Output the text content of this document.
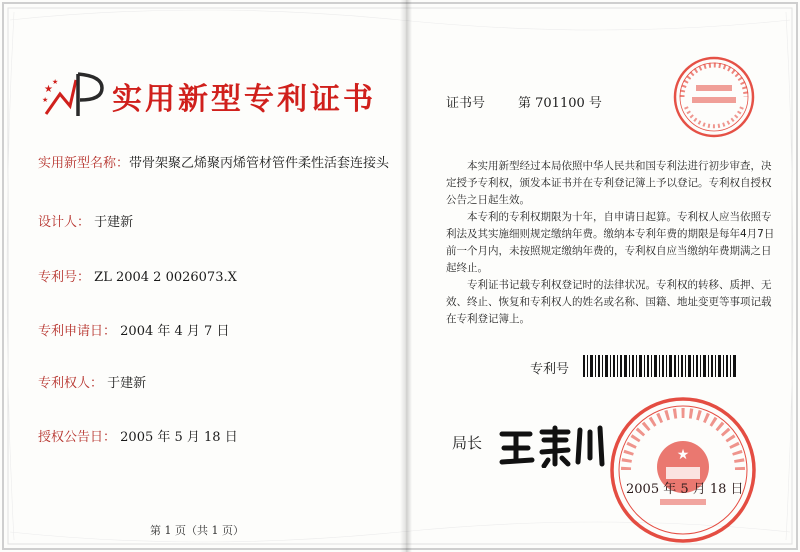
★
★
★ 实用新型专利证书
实用新型名称：带骨架聚乙烯聚丙烯管材管件柔性活套连接头
设计人： 于建新
专利号： ZL 2004 2 0026073.X
专利申请日： 2004 年 4 月 7 日
专利权人： 于建新
授权公告日： 2005 年 5 月 18 日
第 1 页（共 1 页）
证书号	第 701100 号

本实用新型经过本局依照中华人民共和国专利法进行初步审查，决定授予专利权，颁发本证书并在专利登记簿上予以登记。专利权自授权公告之日起生效。

本专利的专利权期限为十年，自申请日起算。专利权人应当依照专利法及其实施细则规定缴纳年费。缴纳本专利年费的期限是每年4月7日前一个月内，未按照规定缴纳年费的，专利权自应当缴纳年费期满之日起终止。

专利证书记载专利权登记时的法律状况。专利权的转移、质押、无效、终止、恢复和专利权人的姓名或名称、国籍、地址变更等事项记载在专利登记簿上。

专利号
★
局长
2005 年 5 月 18 日
